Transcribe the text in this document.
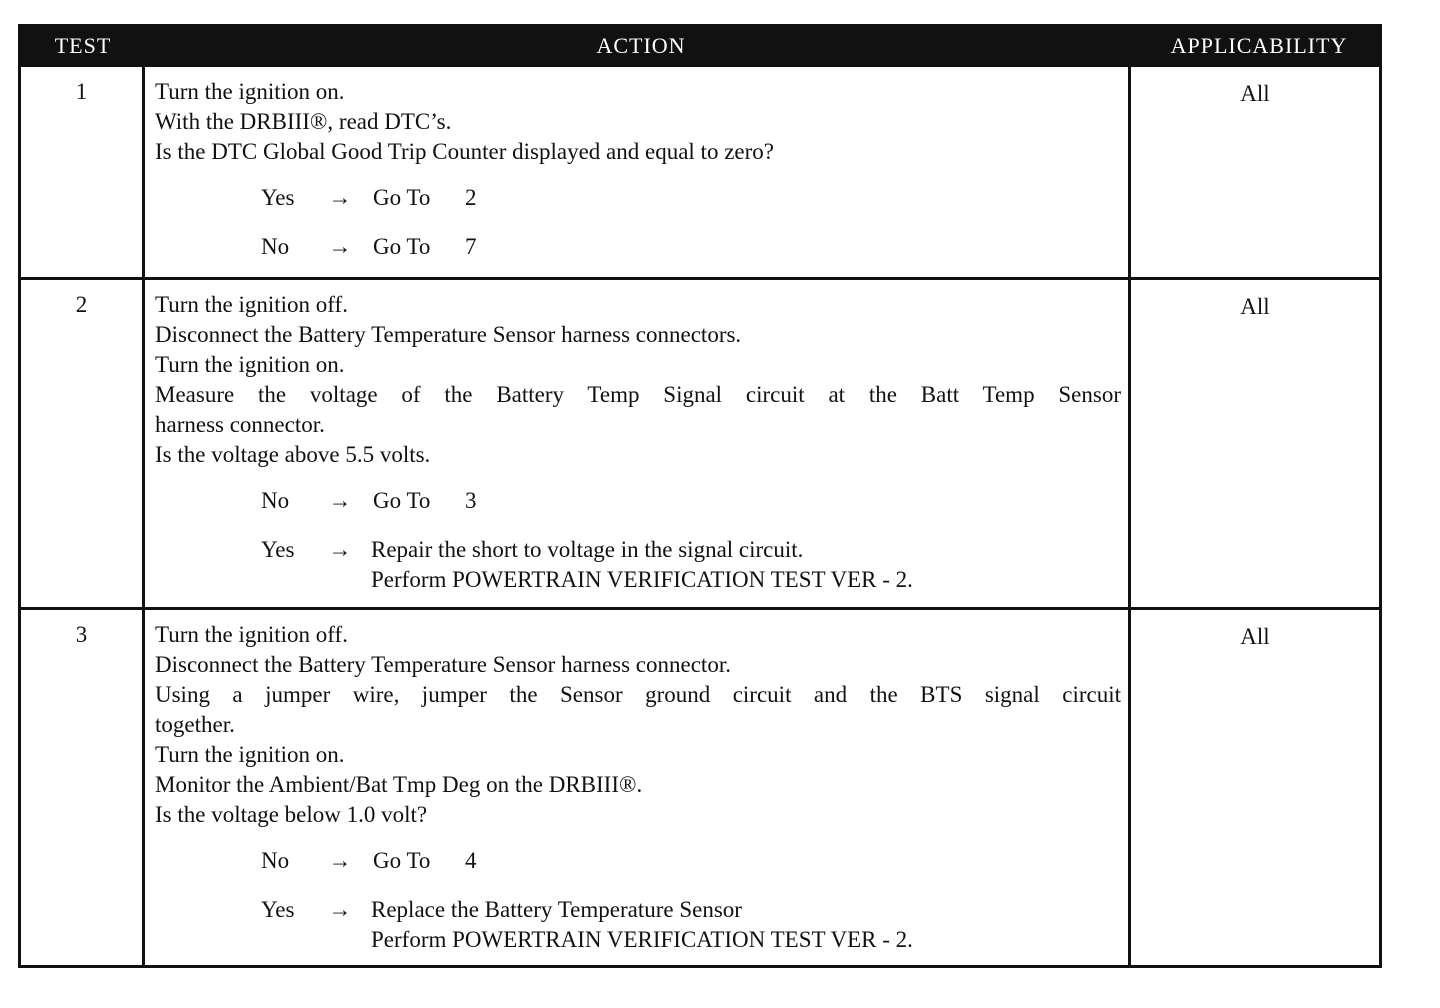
TEST	ACTION	APPLICABILITY
1	Turn the ignition on.
With the DRBIII®, read DTC’s.
Is the DTC Global Good Trip Counter displayed and equal to zero?
Yes	→ Go To 2
No	→ Go To 7
All
2	Turn the ignition off.
Disconnect the Battery Temperature Sensor harness connectors.
Turn the ignition on.
Measure the voltage of the Battery Temp Signal circuit at the Batt Temp Sensor
harness connector.
Is the voltage above 5.5 volts.
No	→ Go To 3
Yes	→ Repair the short to voltage in the signal circuit.
Perform POWERTRAIN VERIFICATION TEST VER - 2.
All
3	Turn the ignition off.
Disconnect the Battery Temperature Sensor harness connector.
Using a jumper wire, jumper the Sensor ground circuit and the BTS signal circuit
together.
Turn the ignition on.
Monitor the Ambient/Bat Tmp Deg on the DRBIII®.
Is the voltage below 1.0 volt?
No	→ Go To 4
Yes	→ Replace the Battery Temperature Sensor
Perform POWERTRAIN VERIFICATION TEST VER - 2.
All
